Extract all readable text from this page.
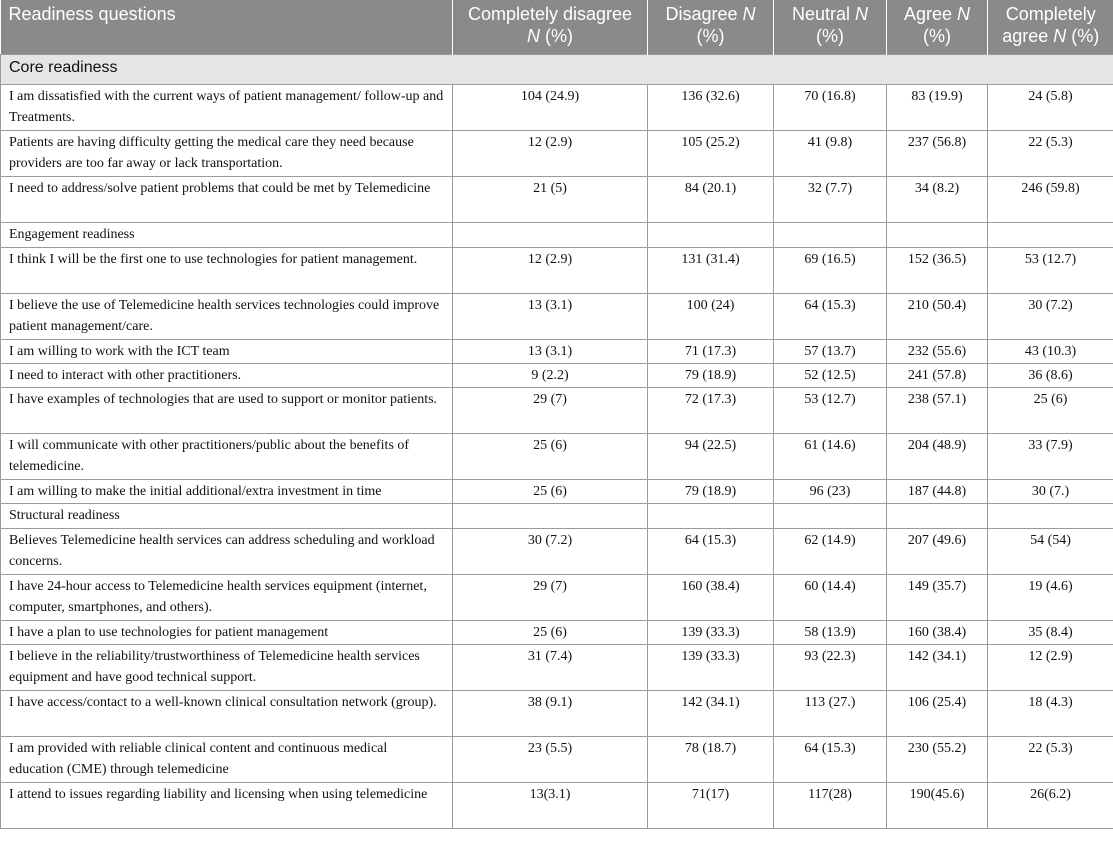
Readiness questions	Completely disagree N (%)	Disagree N (%)	Neutral N (%)	Agree N (%)	Completely agree N (%)
Core readiness					
I am dissatisfied with the current ways of patient management/ follow-up and Treatments.	104 (24.9)	136 (32.6)	70 (16.8)	83 (19.9)	24 (5.8)
Patients are having difficulty getting the medical care they need because providers are too far away or lack transportation.	12 (2.9)	105 (25.2)	41 (9.8)	237 (56.8)	22 (5.3)
I need to address/solve patient problems that could be met by Telemedicine	21 (5)	84 (20.1)	32 (7.7)	34 (8.2)	246 (59.8)
Engagement readiness					
I think I will be the first one to use technologies for patient management.	12 (2.9)	131 (31.4)	69 (16.5)	152 (36.5)	53 (12.7)
I believe the use of Telemedicine health services technologies could improve patient management/care.	13 (3.1)	100 (24)	64 (15.3)	210 (50.4)	30 (7.2)
I am willing to work with the ICT team	13 (3.1)	71 (17.3)	57 (13.7)	232 (55.6)	43 (10.3)
I need to interact with other practitioners.	9 (2.2)	79 (18.9)	52 (12.5)	241 (57.8)	36 (8.6)
I have examples of technologies that are used to support or monitor patients.	29 (7)	72 (17.3)	53 (12.7)	238 (57.1)	25 (6)
I will communicate with other practitioners/public about the benefits of telemedicine.	25 (6)	94 (22.5)	61 (14.6)	204 (48.9)	33 (7.9)
I am willing to make the initial additional/extra investment in time	25 (6)	79 (18.9)	96 (23)	187 (44.8)	30 (7.)
Structural readiness					
Believes Telemedicine health services can address scheduling and workload concerns.	30 (7.2)	64 (15.3)	62 (14.9)	207 (49.6)	54 (54)
I have 24-hour access to Telemedicine health services equipment (internet, computer, smartphones, and others).	29 (7)	160 (38.4)	60 (14.4)	149 (35.7)	19 (4.6)
I have a plan to use technologies for patient management	25 (6)	139 (33.3)	58 (13.9)	160 (38.4)	35 (8.4)
I believe in the reliability/trustworthiness of Telemedicine health services equipment and have good technical support.	31 (7.4)	139 (33.3)	93 (22.3)	142 (34.1)	12 (2.9)
I have access/contact to a well-known clinical consultation network (group).	38 (9.1)	142 (34.1)	113 (27.)	106 (25.4)	18 (4.3)
I am provided with reliable clinical content and continuous medical education (CME) through telemedicine	23 (5.5)	78 (18.7)	64 (15.3)	230 (55.2)	22 (5.3)
I attend to issues regarding liability and licensing when using telemedicine	13(3.1)	71(17)	117(28)	190(45.6)	26(6.2)
